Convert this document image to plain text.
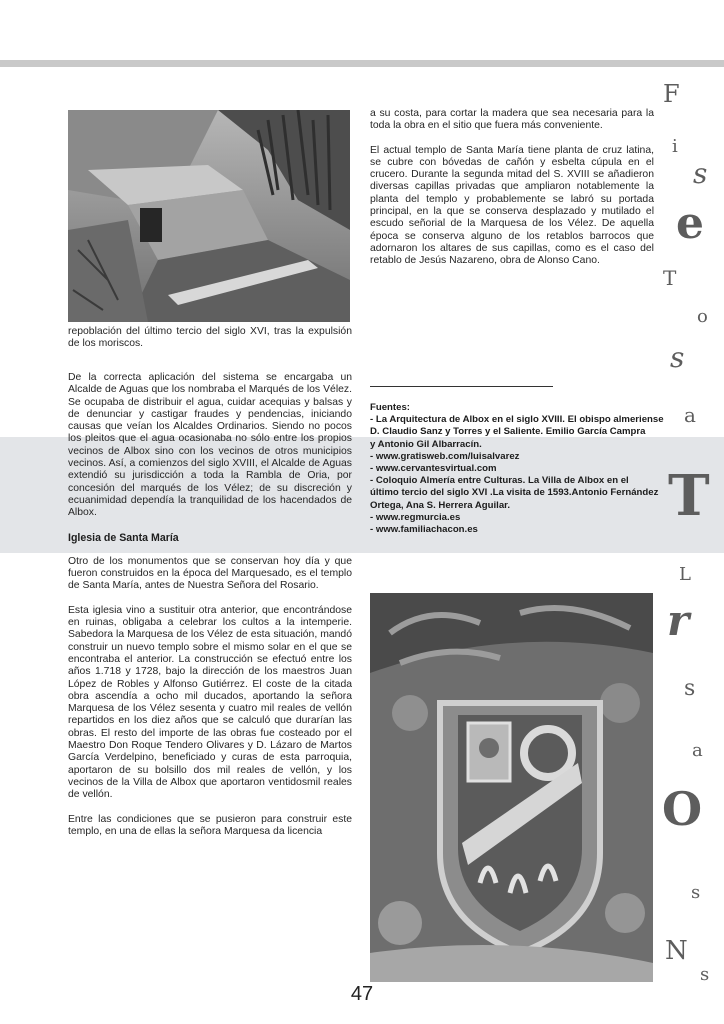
repoblación del último tercio del siglo XVI, tras la expulsión de los moriscos.

De la correcta aplicación del sistema se encargaba un Alcalde de Aguas que los nombraba el Marqués de los Vélez. Se ocupaba de distribuir el agua, cuidar acequias y balsas y de denunciar y castigar fraudes y pendencias, iniciando causas que veían los Alcaldes Ordinarios. Siendo no pocos los pleitos que el agua ocasionaba no sólo entre los propios vecinos de Albox sino con los vecinos de otros municipios vecinos. Así, a comienzos del siglo XVIII, el Alcalde de Aguas extendió su jurisdicción a toda la Rambla de Oria, por concesión del marqués de los Vélez; de su discreción y ecuanimidad dependía la tranquilidad de los hacendados de Albox.

Iglesia de Santa María

Otro de los monumentos que se conservan hoy día y que fueron construidos en la época del Marquesado, es el templo de Santa María, antes de Nuestra Señora del Rosario.

Esta iglesia vino a sustituir otra anterior, que encontrándose en ruinas, obligaba a celebrar los cultos a la intemperie. Sabedora la Marquesa de los Vélez de esta situación, mandó construir un nuevo templo sobre el mismo solar en el que se encontraba el anterior. La construcción se efectuó entre los años 1.718 y 1728, bajo la dirección de los maestros Juan López de Robles y Alfonso Gutiérrez. El coste de la citada obra ascendía a ocho mil ducados, aportando la señora Marquesa de los Vélez sesenta y cuatro mil reales de vellón repartidos en los diez años que se calculó que durarían las obras. El resto del importe de las obras fue costeado por el Maestro Don Roque Tendero Olivares y D. Lázaro de Martos García Verdelpino, beneficiado y curas de esta parroquia, aportaron de su bolsillo dos mil reales de vellón, y los vecinos de la Villa de Albox que aportaron ventidosmil reales de vellón.

Entre las condiciones que se pusieron para construir este templo, en una de ellas la señora Marquesa da licencia

a su costa, para cortar la madera que sea necesaria para la toda la obra en el sitio que fuera más conveniente.

El actual templo de Santa María tiene planta de cruz latina, se cubre con bóvedas de cañón y esbelta cúpula en el crucero. Durante la segunda mitad del S. XVIII se añadieron diversas capillas privadas que ampliaron notablemente la planta del templo y probablemente se labró su portada principal, en la que se conserva desplazado y mutilado el escudo señorial de la Marquesa de los Vélez. De aquella época se conserva alguno de los retablos barrocos que adornaron los altares de sus capillas, como es el caso del retablo de Jesús Nazareno, obra de Alonso Cano.

Fuentes:
- La Arquitectura de Albox en el siglo XVIII. El obispo almeriense
D. Claudio Sanz y Torres y el Saliente. Emilio García Campra
y Antonio Gil Albarracín.
- www.gratisweb.com/luisalvarez
- www.cervantesvirtual.com
- Coloquio Almería entre Culturas. La Villa de Albox en el
último tercio del siglo XVI .La visita de 1593.Antonio Fernández
Ortega, Ana S. Herrera Aguilar.
- www.regmurcia.es
- www.familiachacon.es
47
F
i
s
e
T
o
s
a
T
L
r
s
a
O
s
N
s
